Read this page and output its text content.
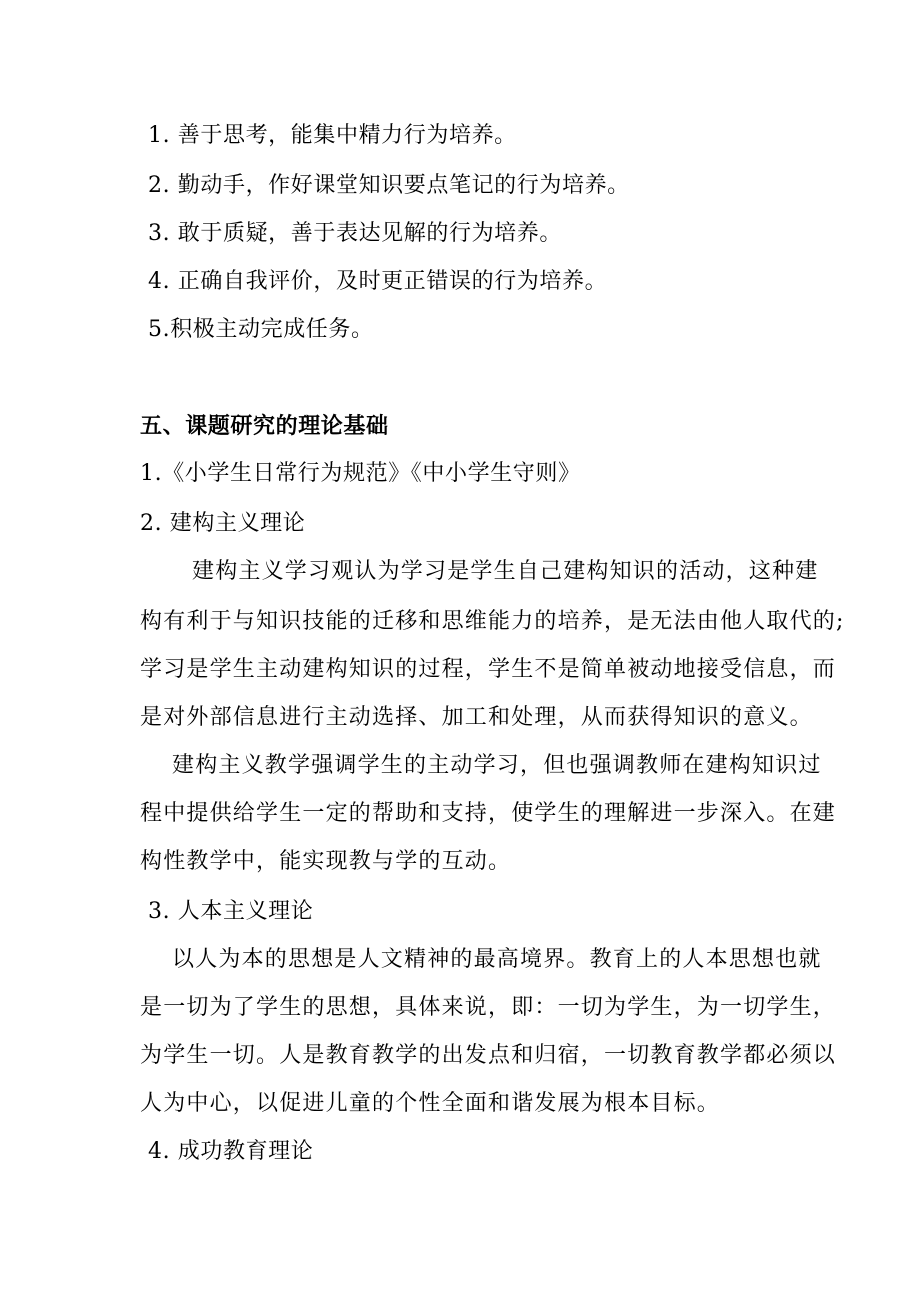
1. 善于思考，能集中精力行为培养。
2. 勤动手，作好课堂知识要点笔记的行为培养。
3. 敢于质疑，善于表达见解的行为培养。
4. 正确自我评价，及时更正错误的行为培养。
5.积极主动完成任务。
五、课题研究的理论基础
1.《小学生日常行为规范》《中小学生守则》
2. 建构主义理论
建构主义学习观认为学习是学生自己建构知识的活动，这种建
构有利于与知识技能的迁移和思维能力的培养，是无法由他人取代的;
学习是学生主动建构知识的过程，学生不是简单被动地接受信息，而
是对外部信息进行主动选择、加工和处理，从而获得知识的意义。
建构主义教学强调学生的主动学习，但也强调教师在建构知识过
程中提供给学生一定的帮助和支持，使学生的理解进一步深入。在建
构性教学中，能实现教与学的互动。
3. 人本主义理论
以人为本的思想是人文精神的最高境界。教育上的人本思想也就
是一切为了学生的思想，具体来说，即：一切为学生，为一切学生，
为学生一切。人是教育教学的出发点和归宿，一切教育教学都必须以
人为中心，以促进儿童的个性全面和谐发展为根本目标。
4. 成功教育理论
